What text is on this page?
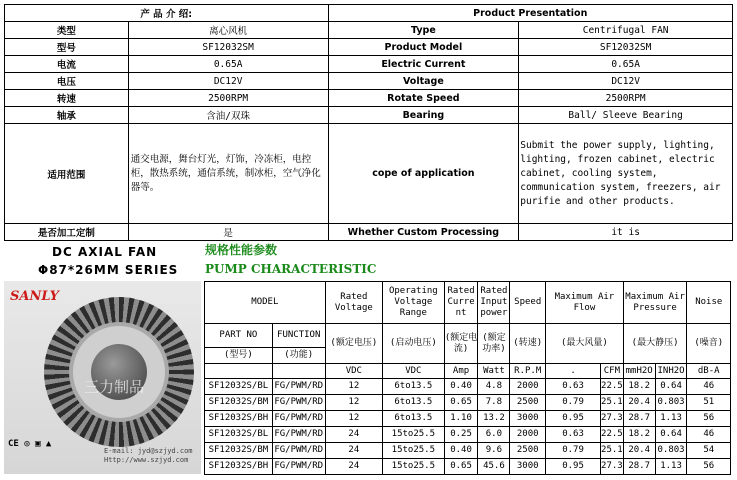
产 品 介 绍:		Product Presentation	
类型	离心风机	Type	Centrifugal FAN
型号	SF12032SM	Product Model	SF12032SM
电流	0.65A	Electric Current	0.65A
电压	DC12V	Voltage	DC12V
转速	2500RPM	Rotate Speed	2500RPM
轴承	含油/双珠	Bearing	Ball/ Sleeve Bearing
适用范围	通交电源，舞台灯光，灯饰，冷冻柜，电控柜，散热系统，通信系统，制冰柜，空气净化器等。	cope of application	Submit the power supply, lighting, lighting, frozen cabinet, electric cabinet, cooling system, communication system, freezers, air purifie and other products.
是否加工定制	是	Whether Custom Processing	it is
DC AXIAL FAN
Φ87*26MM SERIES
规格性能参数
PUMP CHARACTERISTIC
SANLY
三力制品
CE ◎ ▣ ▲
E-mail: jyd@szjyd.com
Http://www.szjyd.com
MODEL		Rated Voltage	Operating Voltage Range	Rated Curre nt	Rated Input power	Speed	Maximum Air Flow		Maximum Air Pressure		Noise
PART NO	FUNCTION	(额定电压)	(启动电压)	(额定电流)	(额定功率)	(转速)	(最大风量)		(最大静压)		(噪音)
(型号)	(功能)										
		VDC	VDC	Amp	Watt	R.P.M	.	CFM	mmH2O	INH2O	dB-A
SF12032S/BL	FG/PWM/RD	12	6to13.5	0.40	4.8	2000	0.63	22.5	18.2	0.64	46
SF12032S/BM	FG/PWM/RD	12	6to13.5	0.65	7.8	2500	0.79	25.1	20.4	0.803	51
SF12032S/BH	FG/PWM/RD	12	6to13.5	1.10	13.2	3000	0.95	27.3	28.7	1.13	56
SF12032S/BL	FG/PWM/RD	24	15to25.5	0.25	6.0	2000	0.63	22.5	18.2	0.64	46
SF12032S/BM	FG/PWM/RD	24	15to25.5	0.40	9.6	2500	0.79	25.1	20.4	0.803	54
SF12032S/BH	FG/PWM/RD	24	15to25.5	0.65	45.6	3000	0.95	27.3	28.7	1.13	56
